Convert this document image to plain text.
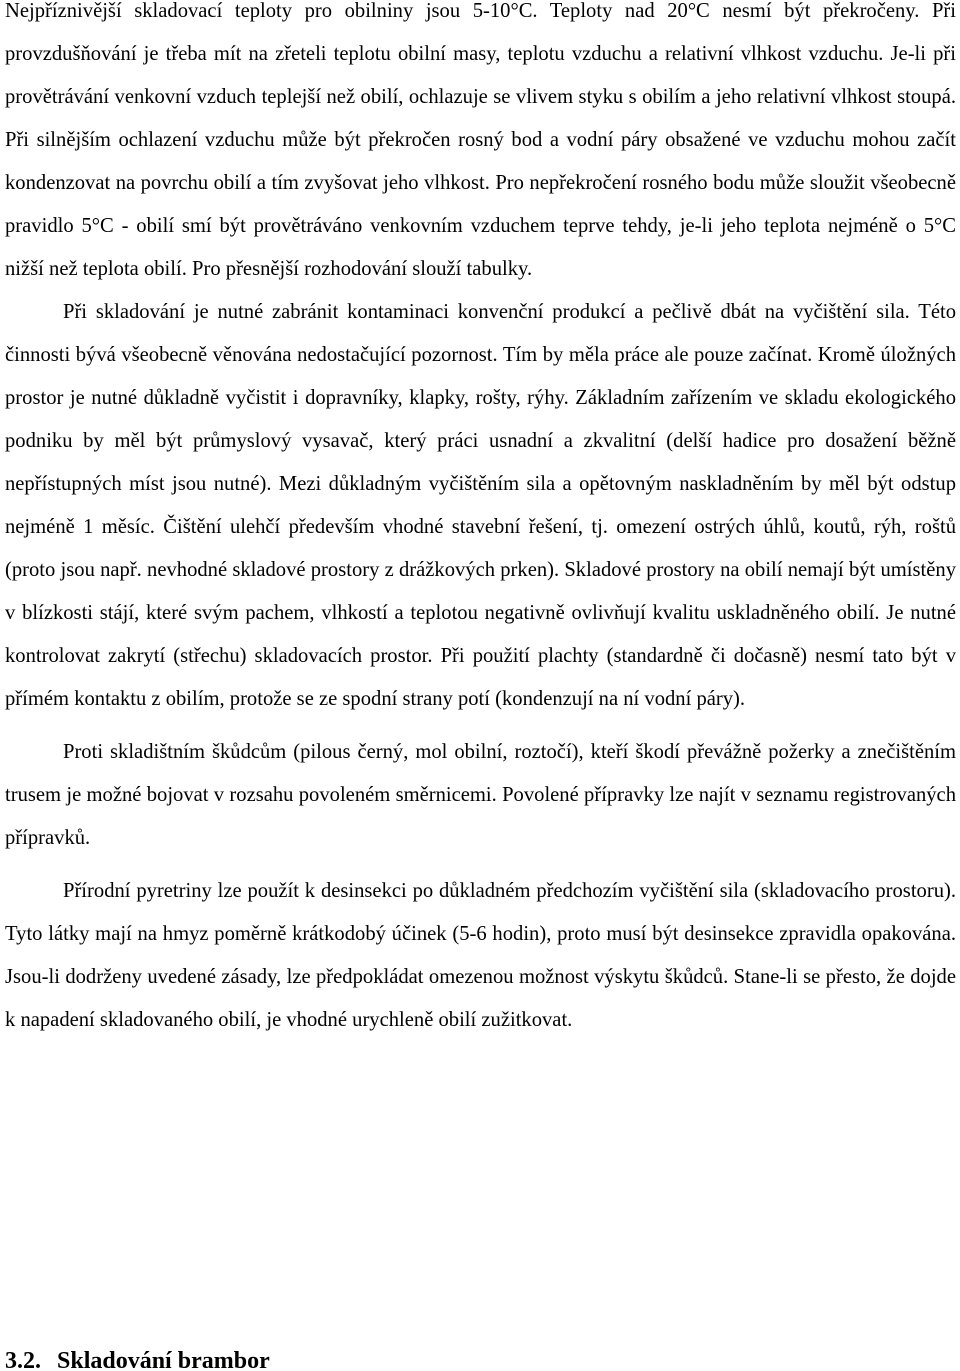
Nejpříznivější skladovací teploty pro obilniny jsou 5-10°C. Teploty nad 20°C nesmí být překročeny. Při provzdušňování je třeba mít na zřeteli teplotu obilní masy, teplotu vzduchu a relativní vlhkost vzduchu. Je-li při provětrávání venkovní vzduch teplejší než obilí, ochlazuje se vlivem styku s obilím a jeho relativní vlhkost stoupá. Při silnějším ochlazení vzduchu může být překročen rosný bod a vodní páry obsažené ve vzduchu mohou začít kondenzovat na povrchu obilí a tím zvyšovat jeho vlhkost. Pro nepřekročení rosného bodu může sloužit všeobecně pravidlo 5°C - obilí smí být provětráváno venkovním vzduchem teprve tehdy, je-li jeho teplota nejméně o 5°C nižší než teplota obilí. Pro přesnější rozhodování slouží tabulky.

Při skladování je nutné zabránit kontaminaci konvenční produkcí a pečlivě dbát na vyčištění sila. Této činnosti bývá všeobecně věnována nedostačující pozornost. Tím by měla práce ale pouze začínat. Kromě úložných prostor je nutné důkladně vyčistit i dopravníky, klapky, rošty, rýhy. Základním zařízením ve skladu ekologického podniku by měl být průmyslový vysavač, který práci usnadní a zkvalitní (delší hadice pro dosažení běžně nepřístupných míst jsou nutné). Mezi důkladným vyčištěním sila a opětovným naskladněním by měl být odstup nejméně 1 měsíc. Čištění ulehčí především vhodné stavební řešení, tj. omezení ostrých úhlů, koutů, rýh, roštů (proto jsou např. nevhodné skladové prostory z drážkových prken). Skladové prostory na obilí nemají být umístěny v blízkosti stájí, které svým pachem, vlhkostí a teplotou negativně ovlivňují kvalitu uskladněného obilí. Je nutné kontrolovat zakrytí (střechu) skladovacích prostor. Při použití plachty (standardně či dočasně) nesmí tato být v přímém kontaktu z obilím, protože se ze spodní strany potí (kondenzují na ní vodní páry).

Proti skladištním škůdcům (pilous černý, mol obilní, roztočí), kteří škodí převážně požerky a znečištěním trusem je možné bojovat v rozsahu povoleném směrnicemi. Povolené přípravky lze najít v seznamu registrovaných přípravků.

Přírodní pyretriny lze použít k desinsekci po důkladném předchozím vyčištění sila (skladovacího prostoru). Tyto látky mají na hmyz poměrně krátkodobý účinek (5-6 hodin), proto musí být desinsekce zpravidla opakována. Jsou-li dodrženy uvedené zásady, lze předpokládat omezenou možnost výskytu škůdců. Stane-li se přesto, že dojde k napadení skladovaného obilí, je vhodné urychleně obilí zužitkovat.

3.2. Skladování brambor
